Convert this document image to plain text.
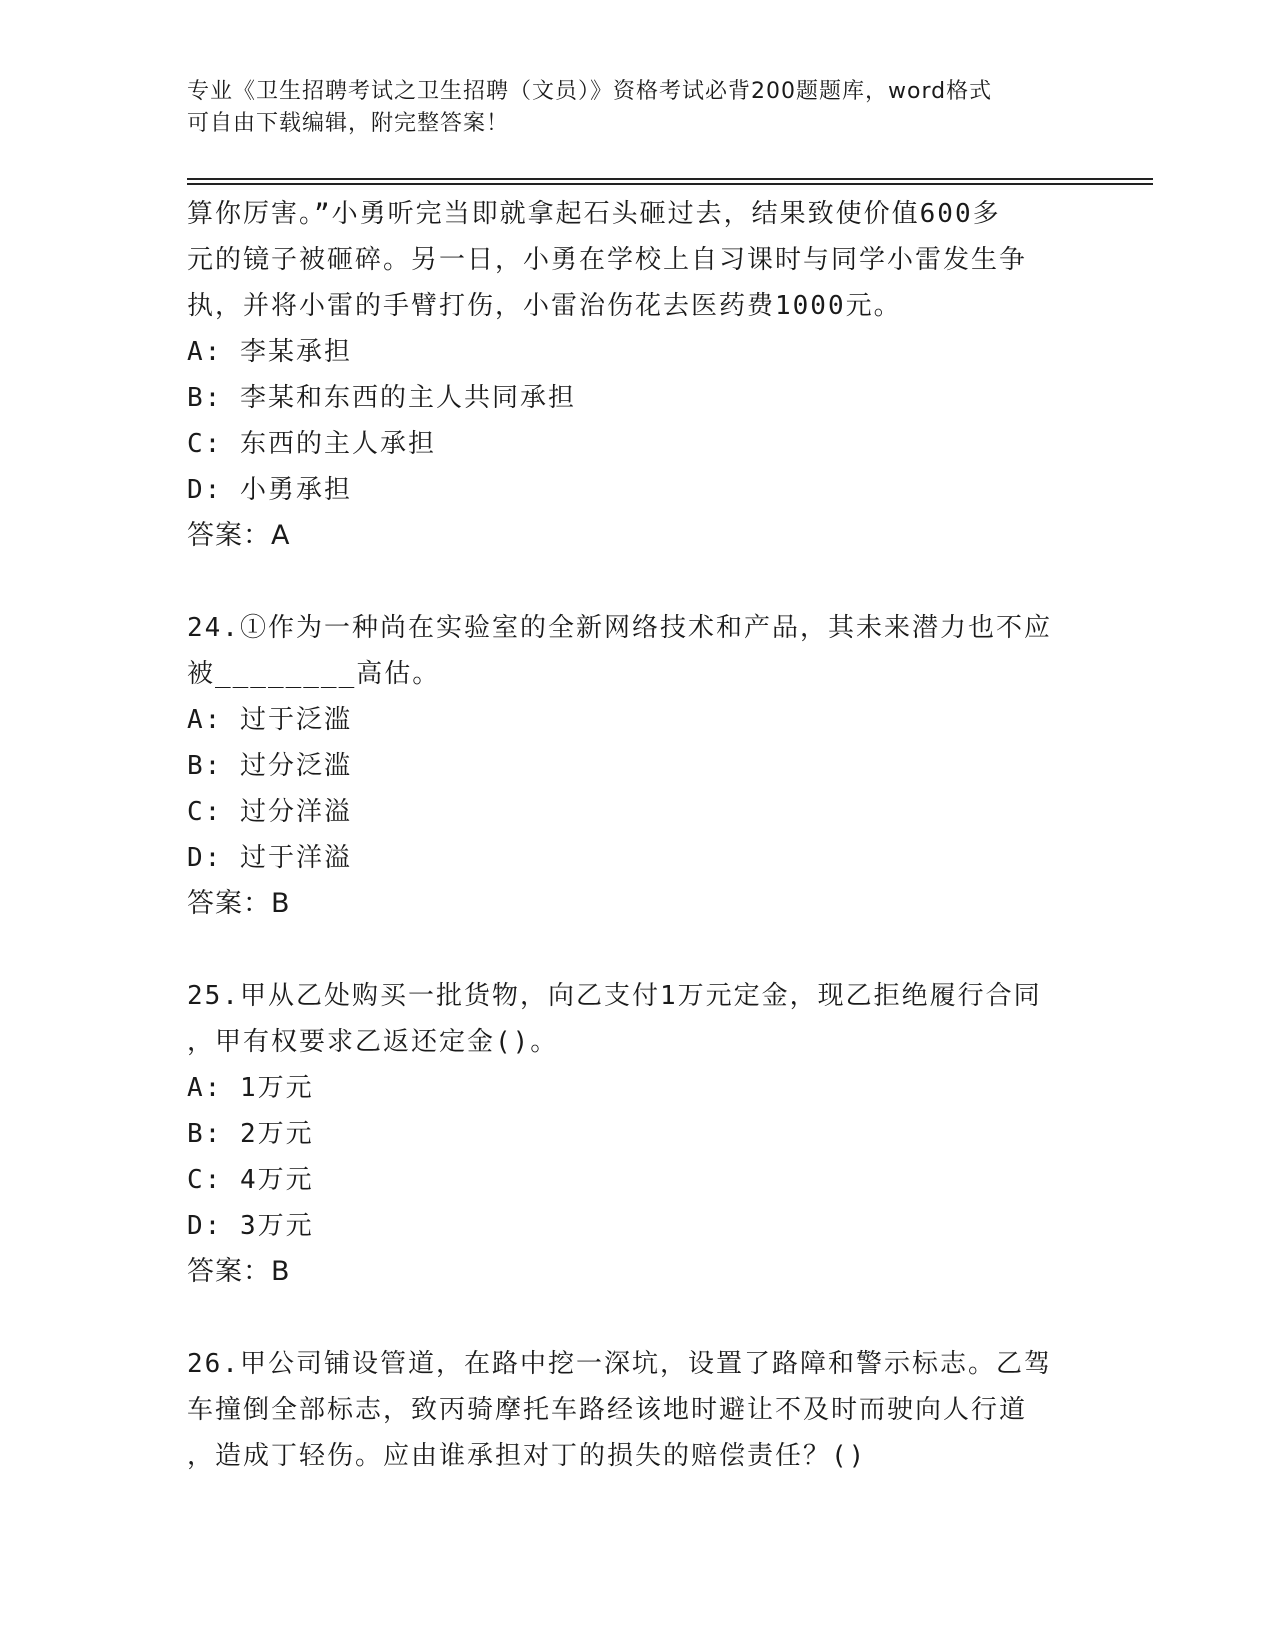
专业《卫生招聘考试之卫生招聘（文员）》资格考试必背200题题库，word格式
可自由下载编辑，附完整答案！

算你厉害。”小勇听完当即就拿起石头砸过去，结果致使价值600多

元的镜子被砸碎。另一日，小勇在学校上自习课时与同学小雷发生争

执，并将小雷的手臂打伤，小雷治伤花去医药费1000元。

A: 李某承担

B: 李某和东西的主人共同承担

C: 东西的主人承担

D: 小勇承担

答案：A

24.①作为一种尚在实验室的全新网络技术和产品，其未来潜力也不应

被________高估。

A: 过于泛滥

B: 过分泛滥

C: 过分洋溢

D: 过于洋溢

答案：B

25.甲从乙处购买一批货物，向乙支付1万元定金，现乙拒绝履行合同

，甲有权要求乙返还定金()。

A: 1万元

B: 2万元

C: 4万元

D: 3万元

答案：B

26.甲公司铺设管道，在路中挖一深坑，设置了路障和警示标志。乙驾

车撞倒全部标志，致丙骑摩托车路经该地时避让不及时而驶向人行道

，造成丁轻伤。应由谁承担对丁的损失的赔偿责任？()
